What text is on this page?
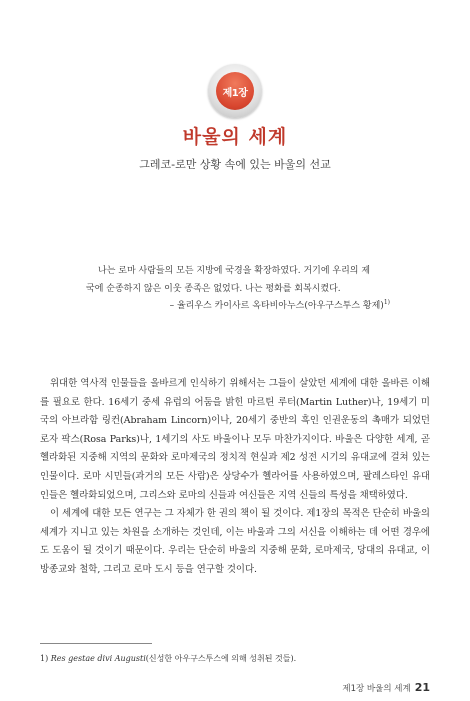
제1장
바울의 세계
그레코-로만 상황 속에 있는 바울의 선교

나는 로마 사람들의 모든 지방에 국경을 확장하였다. 거기에 우리의 제

국에 순종하지 않은 이웃 종족은 없었다. 나는 평화를 회복시켰다.

– 율리우스 카이사르 옥타비아누스(아우구스투스 황제)$^{1)}$

위대한 역사적 인물들을 올바르게 인식하기 위해서는 그들이 살았던 세계에 대한 올바른 이해를 필요로 한다. 16세기 중세 유럽의 어둠을 밝힌 마르틴 루터(Martin Luther)나, 19세기 미국의 아브라함 링컨(Abraham Lincorn)이나, 20세기 중반의 흑인 인권운동의 촉매가 되었던 로자 팍스(Rosa Parks)나, 1세기의 사도 바울이나 모두 마찬가지이다. 바울은 다양한 세계, 곧 헬라화된 지중해 지역의 문화와 로마제국의 정치적 현실과 제2 성전 시기의 유대교에 걸쳐 있는 인물이다. 로마 시민들(과거의 모든 사람)은 상당수가 헬라어를 사용하였으며, 팔레스타인 유대인들은 헬라화되었으며, 그리스와 로마의 신들과 여신들은 지역 신들의 특성을 채택하였다.

이 세계에 대한 모든 연구는 그 자체가 한 권의 책이 될 것이다. 제1장의 목적은 단순히 바울의 세계가 지니고 있는 차원을 소개하는 것인데, 이는 바울과 그의 서신을 이해하는 데 어떤 경우에도 도움이 될 것이기 때문이다. 우리는 단순히 바울의 지중해 문화, 로마제국, 당대의 유대교, 이방종교와 철학, 그리고 로마 도시 등을 연구할 것이다.

1) Res gestae divi Augusti(신성한 아우구스투스에 의해 성취된 것들).
제1장 바울의 세계 21
